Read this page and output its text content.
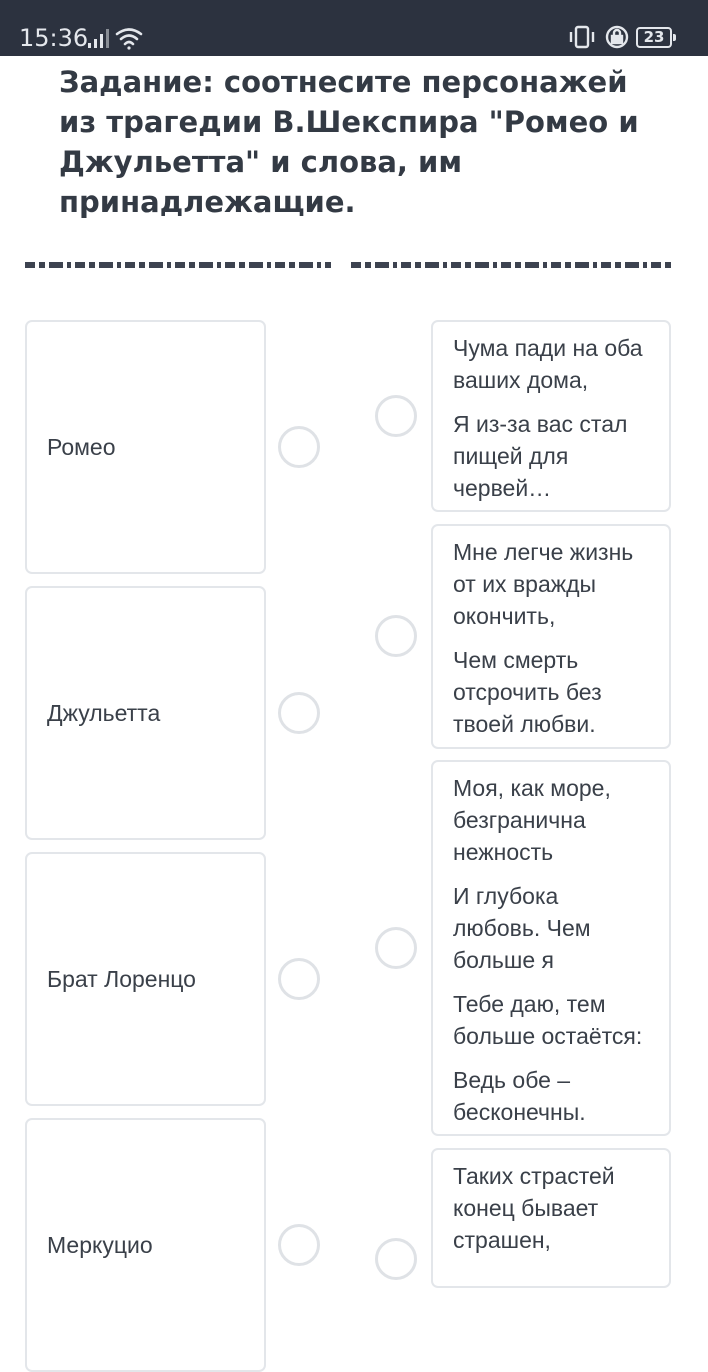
15:36	23
Задание: соотнесите персонажей из трагедии В.Шекспира "Ромео и Джульетта" и слова, им принадлежащие.
Ромео
Джульетта
Брат Лоренцо
Меркуцио

Чума пади на оба ваших дома,

Я из-за вас стал пищей для червей…

Мне легче жизнь от их вражды окончить,

Чем смерть отсрочить без твоей любви.

Моя, как море, безгранична нежность

И глубока любовь. Чем больше я

Тебе даю, тем больше остаётся:

Ведь обе – бесконечны.

Таких страстей конец бывает страшен,
